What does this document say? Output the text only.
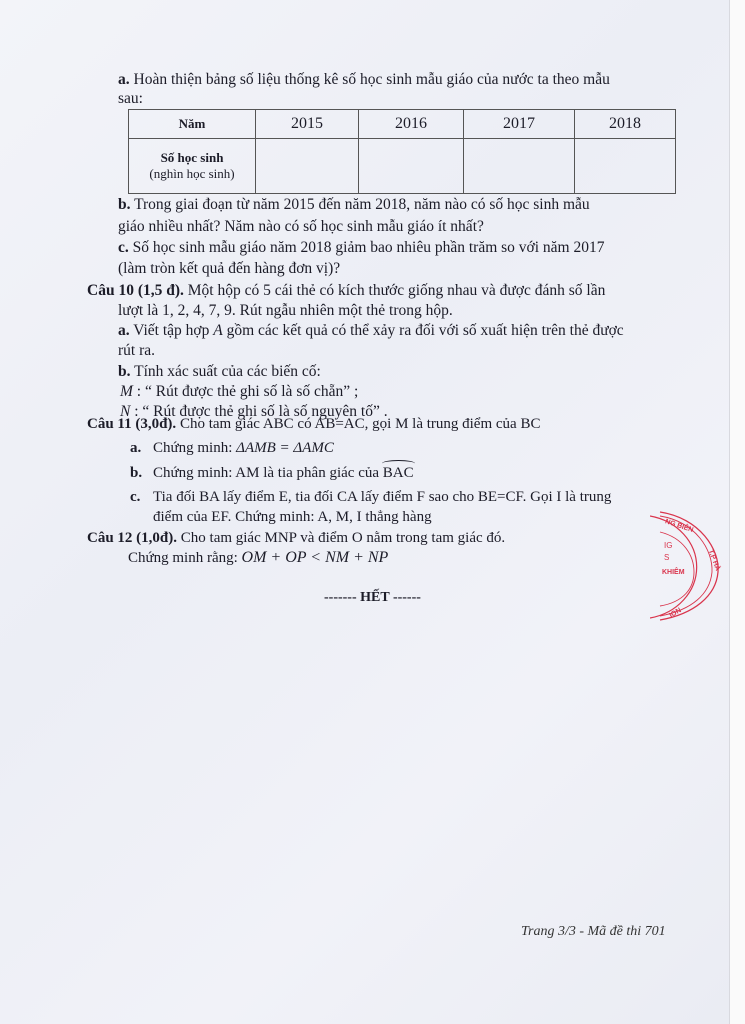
a. Hoàn thiện bảng số liệu thống kê số học sinh mẫu giáo của nước ta theo mẫu
sau:
Năm	2015	2016	2017	2018

Số học sinh
(nghìn học sinh)				

b. Trong giai đoạn từ năm 2015 đến năm 2018, năm nào có số học sinh mẫu
giáo nhiều nhất? Năm nào có số học sinh mẫu giáo ít nhất?
c. Số học sinh mẫu giáo năm 2018 giảm bao nhiêu phần trăm so với năm 2017
(làm tròn kết quả đến hàng đơn vị)?
Câu 10 (1,5 đ). Một hộp có 5 cái thẻ có kích thước giống nhau và được đánh số lần
lượt là 1, 2, 4, 7, 9. Rút ngẫu nhiên một thẻ trong hộp.
a. Viết tập hợp A gồm các kết quả có thể xảy ra đối với số xuất hiện trên thẻ được
rút ra.
b. Tính xác suất của các biến cố:
M : “ Rút được thẻ ghi số là số chẵn” ;
N : “ Rút được thẻ ghi số là số nguyên tố” .
Câu 11 (3,0đ). Cho tam giác ABC có AB=AC, gọi M là trung điểm của BC
a. Chứng minh: ΔAMB = ΔAMC
b. Chứng minh: AM là tia phân giác của BAC
c. Tia đối BA lấy điểm E, tia đối CA lấy điểm F sao cho BE=CF. Gọi I là trung
điểm của EF. Chứng minh: A, M, I thẳng hàng
Câu 12 (1,0đ). Cho tam giác MNP và điểm O nằm trong tam giác đó.
Chứng minh rằng: OM + OP < NM + NP
------- HẾT ------
NG BIÊN
T.P HÀ
ION
IG
S
KHIÊM
Trang 3/3 - Mã đề thi 701
